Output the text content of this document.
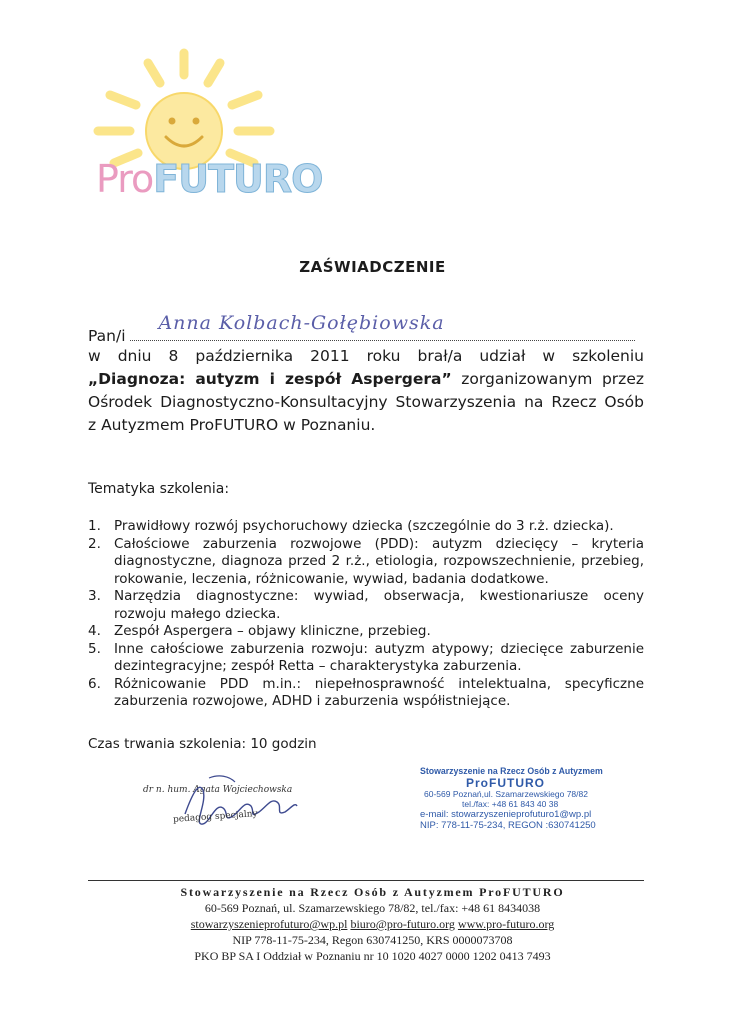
ProFUTURO
ZAŚWIADCZENIE
Pan/i
Anna Kolbach-Gołębiowska
w dniu 8 października 2011 roku brał/a udział w szkoleniu
„Diagnoza: autyzm i zespół Aspergera” zorganizowanym przez
Ośrodek Diagnostyczno-Konsultacyjny Stowarzyszenia na Rzecz Osób
z Autyzmem ProFUTURO w Poznaniu.
Tematyka szkolenia:
1. Prawidłowy rozwój psychoruchowy dziecka (szczególnie do 3 r.ż. dziecka).
2. Całościowe zaburzenia rozwojowe (PDD): autyzm dziecięcy – kryteria diagnostyczne, diagnoza przed 2 r.ż., etiologia, rozpowszechnienie, przebieg, rokowanie, leczenia, różnicowanie, wywiad, badania dodatkowe.
3. Narzędzia diagnostyczne: wywiad, obserwacja, kwestionariusze oceny rozwoju małego dziecka.
4. Zespół Aspergera – objawy kliniczne, przebieg.
5. Inne całościowe zaburzenia rozwoju: autyzm atypowy; dziecięce zaburzenie dezintegracyjne; zespół Retta – charakterystyka zaburzenia.
6. Różnicowanie PDD m.in.: niepełnosprawność intelektualna, specyficzne zaburzenia rozwojowe, ADHD i zaburzenia współistniejące.
Czas trwania szkolenia: 10 godzin
dr n. hum. Agata Wojciechowska
pedagog specjalny
Stowarzyszenie na Rzecz Osób z Autyzmem
ProFUTURO
60-569 Poznań,ul. Szamarzewskiego 78/82
tel./fax: +48 61 843 40 38
e-mail: stowarzyszenieprofuturo1@wp.pl
NIP: 778-11-75-234, REGON :630741250
Stowarzyszenie na Rzecz Osób z Autyzmem ProFUTURO
60-569 Poznań, ul. Szamarzewskiego 78/82, tel./fax: +48 61 8434038
stowarzyszenieprofuturo@wp.pl biuro@pro-futuro.org www.pro-futuro.org
NIP 778-11-75-234, Regon 630741250, KRS 0000073708
PKO BP SA I Oddział w Poznaniu nr 10 1020 4027 0000 1202 0413 7493
